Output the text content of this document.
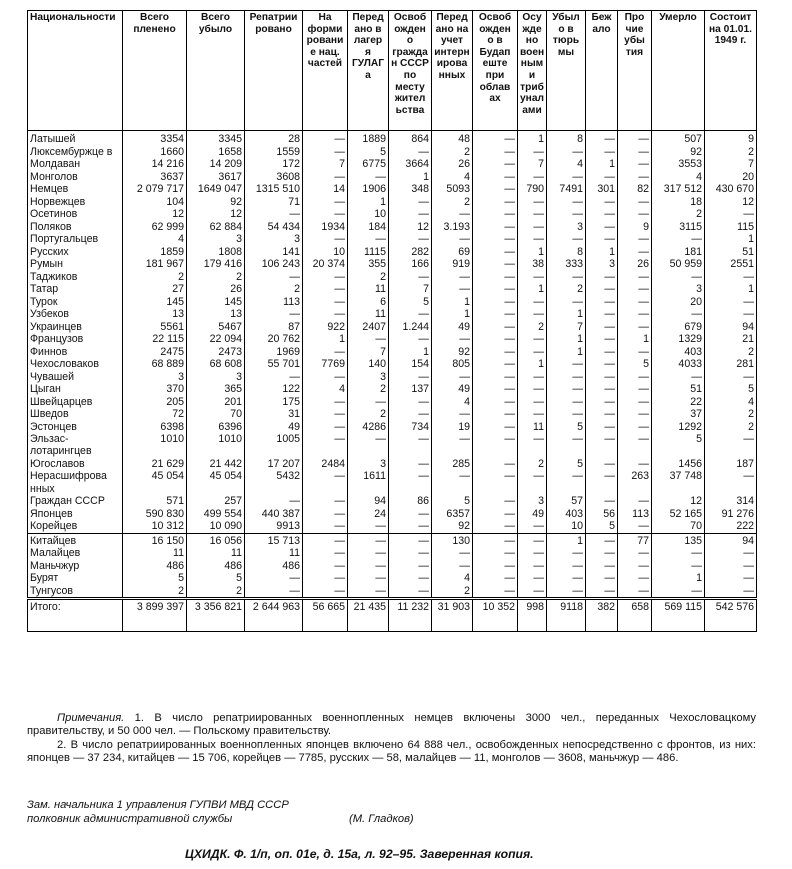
Национальности	Всего пленено	Всего убыло	Репатрии рованo	На форми ровани е нац. частей	Перед ано в лагер я ГУЛАГ а	Освоб ожден о гражда н СССР по месту жител ьства	Перед ано на учет интерн ирова нных	Освоб ожден о в Будап еште при облав ах	Осу жде но воен ным и триб унал ами	Убыл о в тюрь мы	Беж ало	Про чие убы тия	Умерло	Состоит на 01.01. 1949 г.
Латышей	3354	3345	28	—	1889	864	48	—	1	8	—	—	507	9
Люксембуржце в	1660	1658	1559	—	5	—	2	—	—	—	—	—	92	2
Молдаван	14 216	14 209	172	7	6775	3664	26	—	7	4	1	—	3553	7
Монголов	3637	3617	3608	—	—	1	4	—	—	—	—	—	4	20
Немцев	2 079 717	1649 047	1315 510	14	1906	348	5093	—	790	7491	301	82	317 512	430 670
Норвежцев	104	92	71	—	1	—	2	—	—	—	—	—	18	12
Осетинов	12	12	—	—	10	—	—	—	—	—	—	—	2	—
Поляков	62 999	62 884	54 434	1934	184	12	3.193	—	—	3	—	9	3115	115
Португальцев	4	3	3	—	—	—	—	—	—	—	—	—	—	1
Русских	1859	1808	141	10	1115	282	69	—	1	8	1	—	181	51
Румын	181 967	179 416	106 243	20 374	355	166	919	—	38	333	3	26	50 959	2551
Таджиков	2	2	—	—	2	—	—	—	—	—	—	—	—	—
Татар	27	26	2	—	11	7	—	—	1	2	—	—	3	1
Турок	145	145	113	—	6	5	1	—	—	—	—	—	20	—
Узбеков	13	13	—	—	11	—	1	—	—	1	—	—	—	—
Украинцев	5561	5467	87	922	2407	1.244	49	—	2	7	—	—	679	94
Французов	22 115	22 094	20 762	1	—	—	—	—	—	1	—	1	1329	21
Финнов	2475	2473	1969	—	7	1	92	—	—	1	—	—	403	2
Чехословаков	68 889	68 608	55 701	7769	140	154	805	—	1	—	—	5	4033	281
Чувашей	3	3	—	—	3	—	—	—	—	—	—	—	—	—
Цыган	370	365	122	4	2	137	49	—	—	—	—	—	51	5
Швейцарцев	205	201	175	—	—	—	4	—	—	—	—	—	22	4
Шведов	72	70	31	—	2	—	—	—	—	—	—	—	37	2
Эстонцев	6398	6396	49	—	4286	734	19	—	11	5	—	—	1292	2
Эльзас- лотарингцев	1010	1010	1005	—	—	—	—	—	—	—	—	—	5	—
Югославов	21 629	21 442	17 207	2484	3	—	285	—	2	5	—	—	1456	187
Нерасшифрова нных	45 054	45 054	5432	—	1611	—	—	—	—	—	—	263	37 748	—
Граждан СССР	571	257	—	—	94	86	5	—	3	57	—	—	12	314
Японцев	590 830	499 554	440 387	—	24	—	6357	—	49	403	56	113	52 165	91 276
Корейцев	10 312	10 090	9913	—	—	—	92	—	—	10	5	—	70	222
Китайцев	16 150	16 056	15 713	—	—	—	130	—	—	1	—	77	135	94
Малайцев	11	11	11	—	—	—	—	—	—	—	—	—	—	—
Маньчжур	486	486	486	—	—	—	—	—	—	—	—	—	—	—
Бурят	5	5	—	—	—	—	4	—	—	—	—	—	1	—
Тунгусов	2	2	—	—	—	—	2	—	—	—	—	—	—	—
Итого:	3 899 397	3 356 821	2 644 963	56 665	21 435	11 232	31 903	10 352	998	9118	382	658	569 115	542 576

Примечания. 1. В число репатриированных военнопленных немцев включены 3000 чел., переданных Чехословацкому правительству, и 50 000 чел. — Польскому правительству.

2. В число репатриированных военнопленных японцев включено 64 888 чел., освобожденных непосредственно с фронтов, из них: японцев — 37 234, китайцев — 15 706, корейцев — 7785, русских — 58, малайцев — 11, монголов — 3608, маньчжур — 486.

Зам. начальника 1 управления ГУПВИ МВД СССР
полковник административной службы	(М. Гладков)
ЦХИДК. Ф. 1/п, оп. 01е, д. 15а, л. 92–95. Заверенная копия.
